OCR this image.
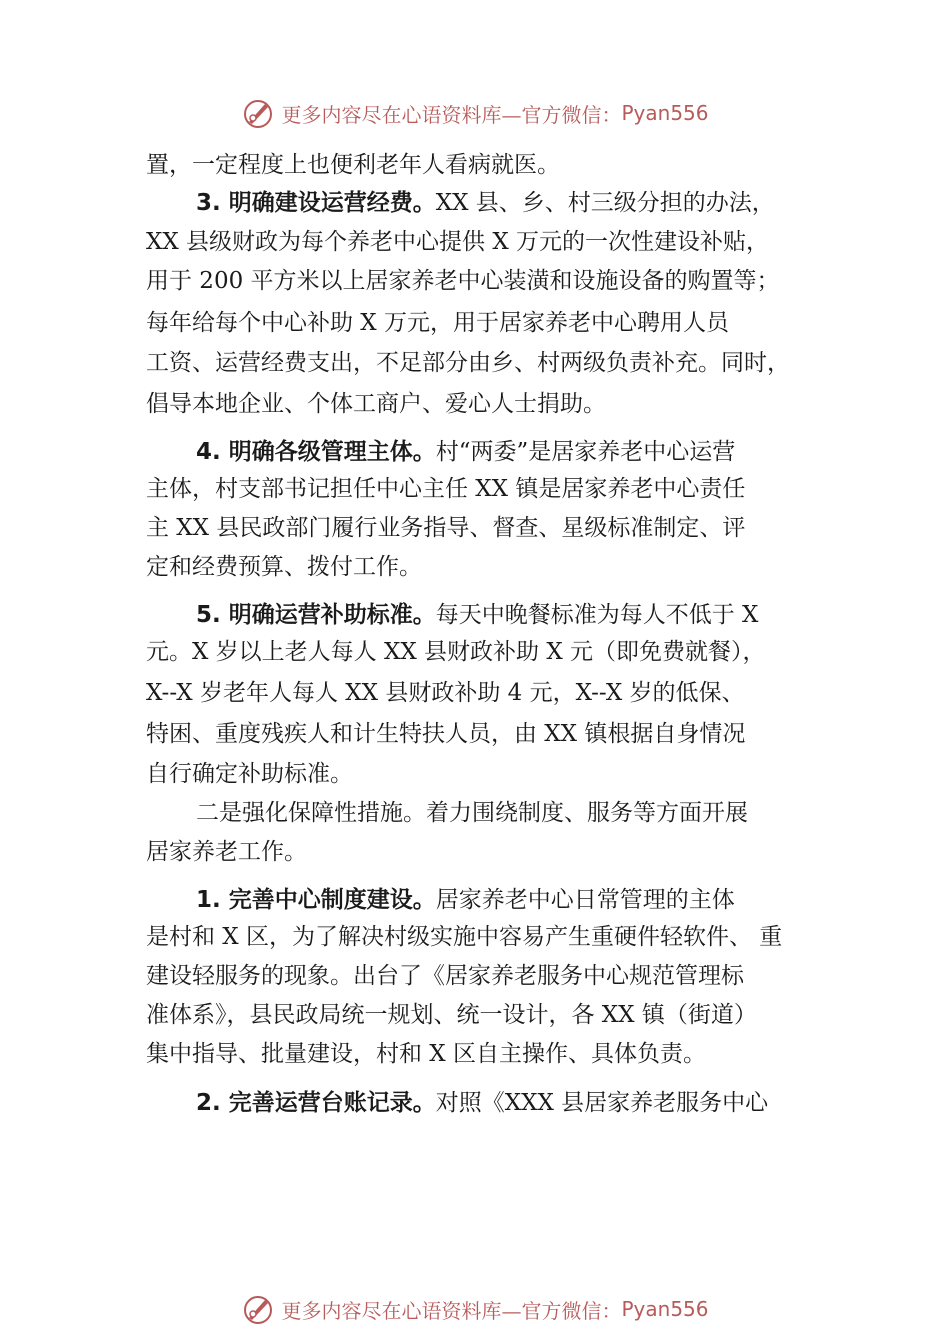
更多内容尽在心语资料库—官方微信： Pyan556
置，一定程度上也便利老年人看病就医。
3. 明确建设运营经费。XX 县、乡、村三级分担的办法，
XX 县级财政为每个养老中心提供 X 万元的一次性建设补贴，
用于 200 平方米以上居家养老中心装潢和设施设备的购置等；
每年给每个中心补助 X 万元，用于居家养老中心聘用人员
工资、运营经费支出，不足部分由乡、村两级负责补充。同时，
倡导本地企业、个体工商户、爱心人士捐助。
4. 明确各级管理主体。村“两委”是居家养老中心运营
主体，村支部书记担任中心主任 XX 镇是居家养老中心责任
主 XX 县民政部门履行业务指导、督查、星级标准制定、评
定和经费预算、拨付工作。
5. 明确运营补助标准。每天中晚餐标准为每人不低于 X
元。X 岁以上老人每人 XX 县财政补助 X 元（即免费就餐），
X--X 岁老年人每人 XX 县财政补助 4 元，X--X 岁的低保、
特困、重度残疾人和计生特扶人员，由 XX 镇根据自身情况
自行确定补助标准。
二是强化保障性措施。着力围绕制度、服务等方面开展
居家养老工作。
1. 完善中心制度建设。居家养老中心日常管理的主体
是村和 X 区，为了解决村级实施中容易产生重硬件轻软件、 重
建设轻服务的现象。出台了《居家养老服务中心规范管理标
准体系》，县民政局统一规划、统一设计，各 XX 镇（街道）
集中指导、批量建设，村和 X 区自主操作、具体负责。
2. 完善运营台账记录。对照《XXX 县居家养老服务中心
更多内容尽在心语资料库—官方微信： Pyan556
